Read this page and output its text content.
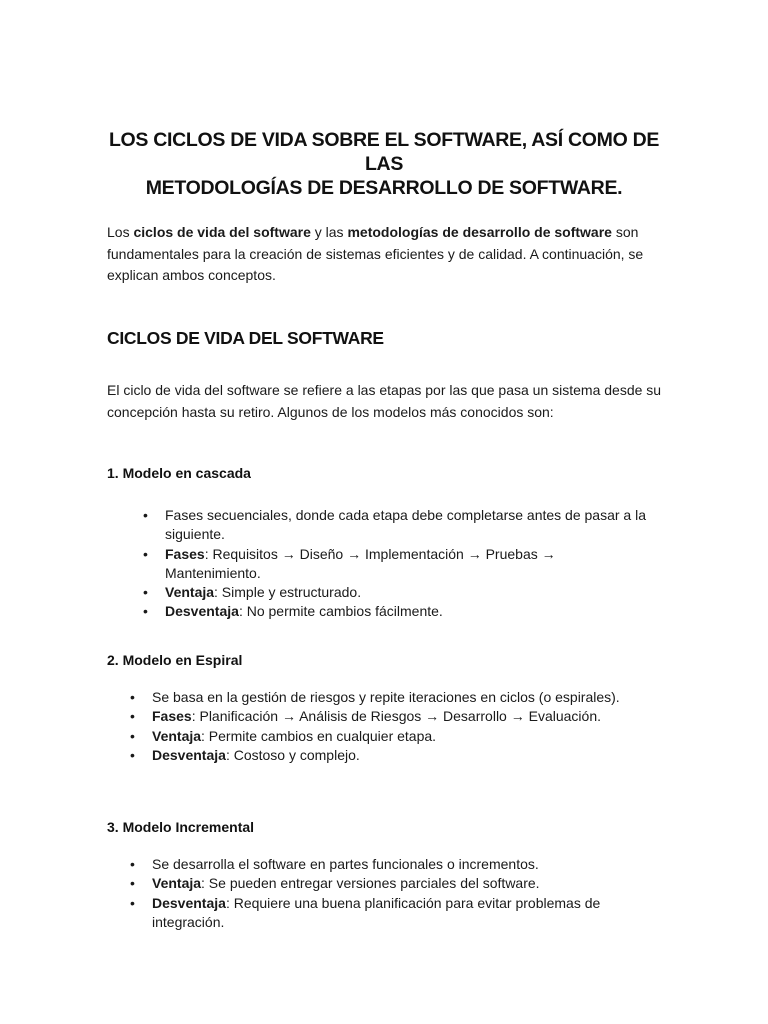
LOS CICLOS DE VIDA SOBRE EL SOFTWARE, ASÍ COMO DE LAS
METODOLOGÍAS DE DESARROLLO DE SOFTWARE.

Los ciclos de vida del software y las metodologías de desarrollo de software son fundamentales para la creación de sistemas eficientes y de calidad. A continuación, se explican ambos conceptos.

CICLOS DE VIDA DEL SOFTWARE

El ciclo de vida del software se refiere a las etapas por las que pasa un sistema desde su concepción hasta su retiro. Algunos de los modelos más conocidos son:

1. Modelo en cascada
• Fases secuenciales, donde cada etapa debe completarse antes de pasar a la siguiente.
• Fases: Requisitos → Diseño → Implementación → Pruebas → Mantenimiento.
• Ventaja: Simple y estructurado.
• Desventaja: No permite cambios fácilmente.
2. Modelo en Espiral
• Se basa en la gestión de riesgos y repite iteraciones en ciclos (o espirales).
• Fases: Planificación → Análisis de Riesgos → Desarrollo → Evaluación.
• Ventaja: Permite cambios en cualquier etapa.
• Desventaja: Costoso y complejo.
3. Modelo Incremental
• Se desarrolla el software en partes funcionales o incrementos.
• Ventaja: Se pueden entregar versiones parciales del software.
• Desventaja: Requiere una buena planificación para evitar problemas de integración.
